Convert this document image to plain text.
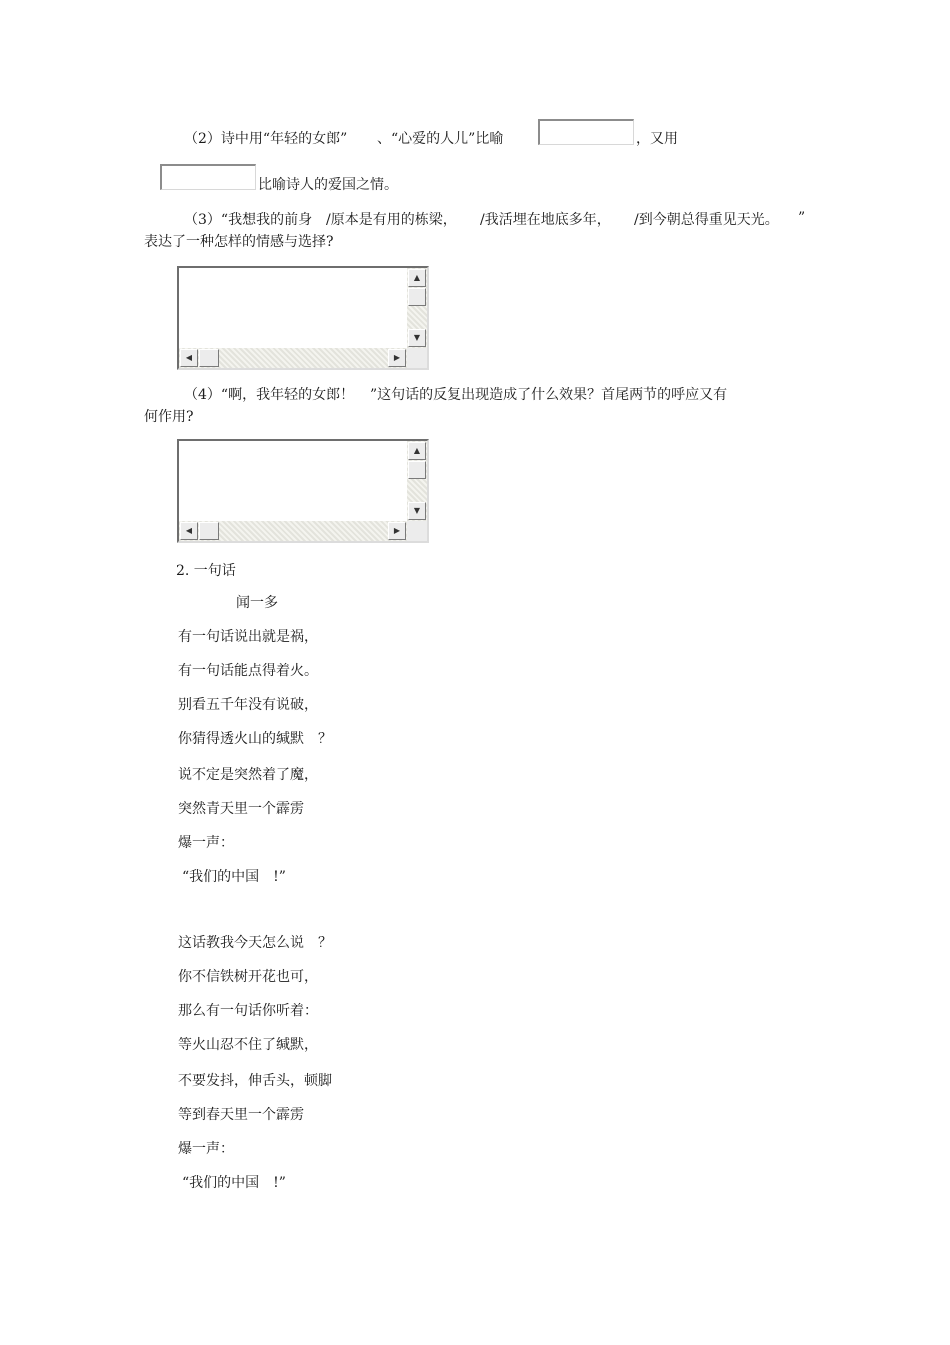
（2）诗中用“年轻的女郎” 、“心爱的人儿”比喻	，又用
比喻诗人的爱国之情。
（3）“我想我的前身 /原本是有用的栋梁， /我活埋在地底多年， /到今朝总得重见天光。 ”
表达了一种怎样的情感与选择?
▲
▼
◀	▶
（4）“啊，我年轻的女郎！ ”这句话的反复出现造成了什么效果？首尾两节的呼应又有
何作用?
▲
▼
◀	▶
2. 一句话
闻一多
有一句话说出就是祸，
有一句话能点得着火。
别看五千年没有说破，
你猜得透火山的缄默　？
说不定是突然着了魔，
突然青天里一个霹雳
爆一声：
“我们的中国　!”
这话教我今天怎么说　？
你不信铁树开花也可，
那么有一句话你听着：
等火山忍不住了缄默，
不要发抖，伸舌头，顿脚
等到春天里一个霹雳
爆一声：
“我们的中国　!”
